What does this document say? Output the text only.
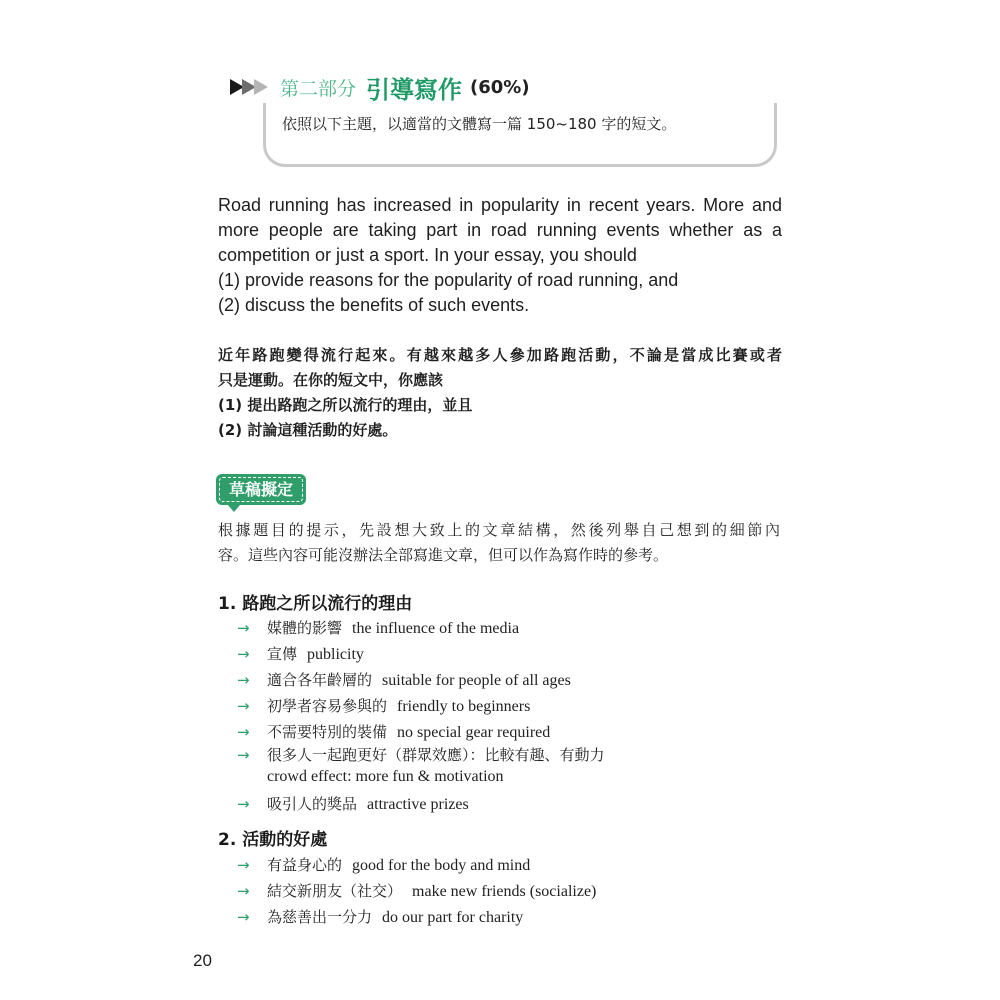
第二部分 引導寫作 (60%)
依照以下主題，以適當的文體寫一篇 150~180 字的短文。

Road running has increased in popularity in recent years. More and

more people are taking part in road running events whether as a

competition or just a sport. In your essay, you should

(1) provide reasons for the popularity of road running, and

(2) discuss the benefits of such events.

近年路跑變得流行起來。有越來越多人參加路跑活動，不論是當成比賽或者

只是運動。在你的短文中，你應該

(1) 提出路跑之所以流行的理由，並且

(2) 討論這種活動的好處。

草稿擬定

根據題目的提示，先設想大致上的文章結構，然後列舉自己想到的細節內

容。這些內容可能沒辦法全部寫進文章，但可以作為寫作時的參考。

1. 路跑之所以流行的理由
→ 媒體的影響 the influence of the media
→ 宣傳 publicity
→ 適合各年齡層的 suitable for people of all ages
→ 初學者容易參與的 friendly to beginners
→ 不需要特別的裝備 no special gear required
→ 很多人一起跑更好（群眾效應）：比較有趣、有動力
crowd effect: more fun & motivation
→ 吸引人的獎品 attractive prizes
2. 活動的好處
→ 有益身心的 good for the body and mind
→ 結交新朋友（社交） make new friends (socialize)
→ 為慈善出一分力 do our part for charity
20
